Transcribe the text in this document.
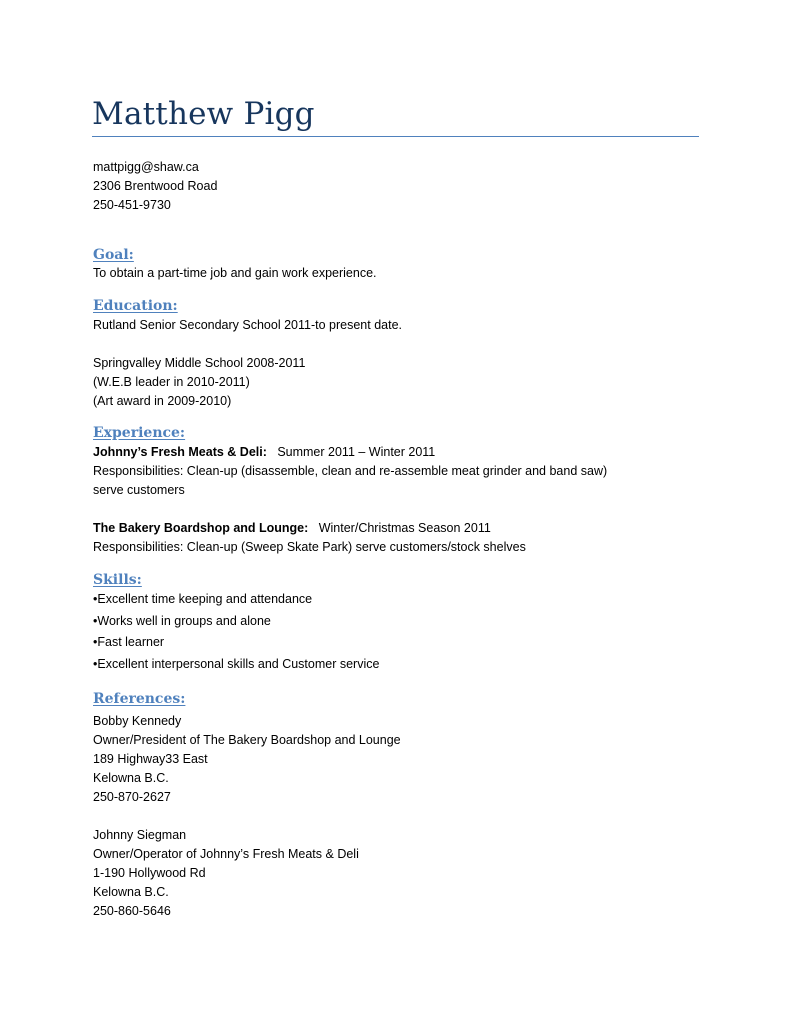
Matthew Pigg
mattpigg@shaw.ca
2306 Brentwood Road
250-451-9730
Goal:
To obtain a part-time job and gain work experience.
Education:
Rutland Senior Secondary School 2011-to present date.
Springvalley Middle School 2008-2011
(W.E.B leader in 2010-2011)
(Art award in 2009-2010)
Experience:
Johnny’s Fresh Meats & Deli: Summer 2011 – Winter 2011
Responsibilities: Clean-up (disassemble, clean and re-assemble meat grinder and band saw)
serve customers
The Bakery Boardshop and Lounge: Winter/Christmas Season 2011
Responsibilities: Clean-up (Sweep Skate Park) serve customers/stock shelves
Skills:
•Excellent time keeping and attendance
•Works well in groups and alone
•Fast learner
•Excellent interpersonal skills and Customer service
References:
Bobby Kennedy
Owner/President of The Bakery Boardshop and Lounge
189 Highway33 East
Kelowna B.C.
250-870-2627
Johnny Siegman
Owner/Operator of Johnny’s Fresh Meats & Deli
1-190 Hollywood Rd
Kelowna B.C.
250-860-5646
